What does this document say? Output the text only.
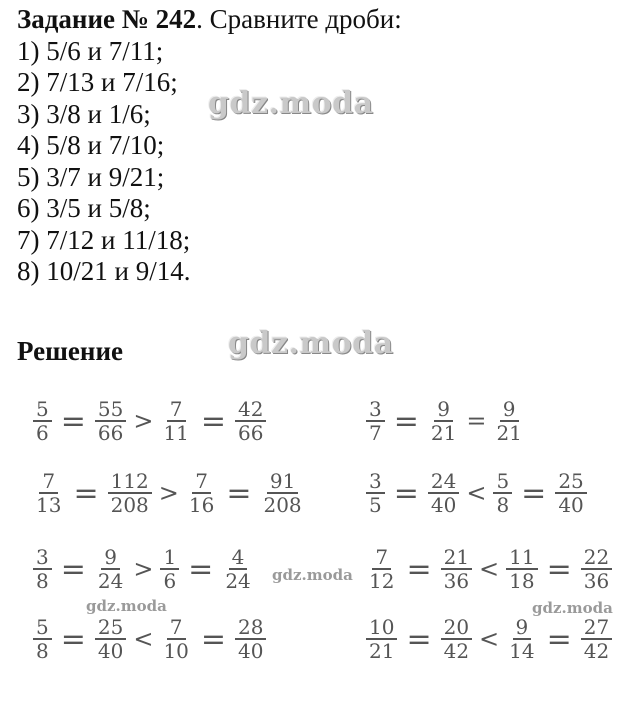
Задание № 242. Сравните дроби:
1) 5/6 и 7/11;
2) 7/13 и 7/16;
3) 3/8 и 1/6;
4) 5/8 и 7/10;
5) 3/7 и 9/21;
6) 3/5 и 5/8;
7) 7/12 и 11/18;
8) 10/21 и 9/14.
Решение
gdz.moda
gdz.moda
gdz.moda
gdz.moda	gdz.moda
$\frac{5}{6} = \frac{55}{66} > \frac{7}{11} = \frac{42}{66}$	$\frac{3}{7} = \frac{9}{21} = \frac{9}{21}$
$\frac{7}{13} = \frac{112}{208} > \frac{7}{16} = \frac{91}{208}$	$\frac{3}{5} = \frac{24}{40} < \frac{5}{8} = \frac{25}{40}$
$\frac{3}{8} = \frac{9}{24} > \frac{1}{6} = \frac{4}{24}$	$\frac{7}{12} = \frac{21}{36} < \frac{11}{18} = \frac{22}{36}$
$\frac{5}{8} = \frac{25}{40} < \frac{7}{10} = \frac{28}{40}$	$\frac{10}{21} = \frac{20}{42} < \frac{9}{14} = \frac{27}{42}$
